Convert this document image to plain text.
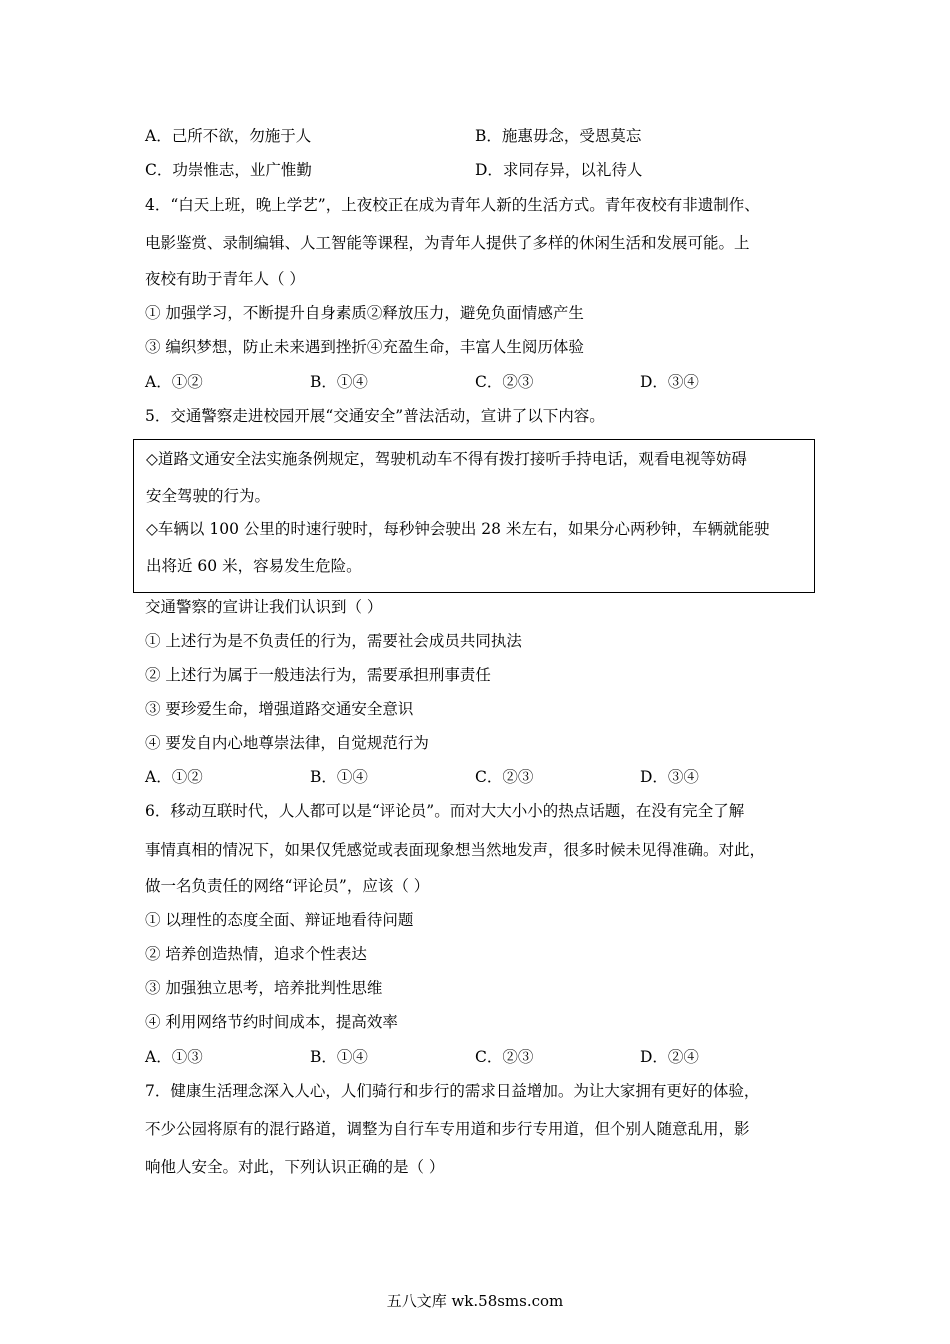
A．己所不欲，勿施于人	B．施惠毋念，受恩莫忘
C．功崇惟志，业广惟勤	D．求同存异，以礼待人
4．“白天上班，晚上学艺”，上夜校正在成为青年人新的生活方式。青年夜校有非遗制作、
电影鉴赏、录制编辑、人工智能等课程，为青年人提供了多样的休闲生活和发展可能。上
夜校有助于青年人（ ）
① 加强学习，不断提升自身素质②释放压力，避免负面情感产生
③ 编织梦想，防止未来遇到挫折④充盈生命，丰富人生阅历体验
A．①②	B．①④	C．②③	D．③④
5．交通警察走进校园开展“交通安全”普法活动，宣讲了以下内容。
◇道路文通安全法实施条例规定，驾驶机动车不得有拨打接听手持电话，观看电视等妨碍
安全驾驶的行为。
◇车辆以 100 公里的时速行驶时，每秒钟会驶出 28 米左右，如果分心两秒钟，车辆就能驶
出将近 60 米，容易发生危险。
交通警察的宣讲让我们认识到（ ）
① 上述行为是不负责任的行为，需要社会成员共同执法
② 上述行为属于一般违法行为，需要承担刑事责任
③ 要珍爱生命，增强道路交通安全意识
④ 要发自内心地尊崇法律，自觉规范行为
A．①②	B．①④	C．②③	D．③④
6．移动互联时代，人人都可以是“评论员”。而对大大小小的热点话题，在没有完全了解
事情真相的情况下，如果仅凭感觉或表面现象想当然地发声，很多时候未见得准确。对此，
做一名负责任的网络“评论员”，应该（ ）
① 以理性的态度全面、辩证地看待问题
② 培养创造热情，追求个性表达
③ 加强独立思考，培养批判性思维
④ 利用网络节约时间成本，提高效率
A．①③	B．①④	C．②③	D．②④
7．健康生活理念深入人心，人们骑行和步行的需求日益增加。为让大家拥有更好的体验，
不少公园将原有的混行路道，调整为自行车专用道和步行专用道，但个别人随意乱用，影
响他人安全。对此，下列认识正确的是（ ）
五八文库 wk.58sms.com
